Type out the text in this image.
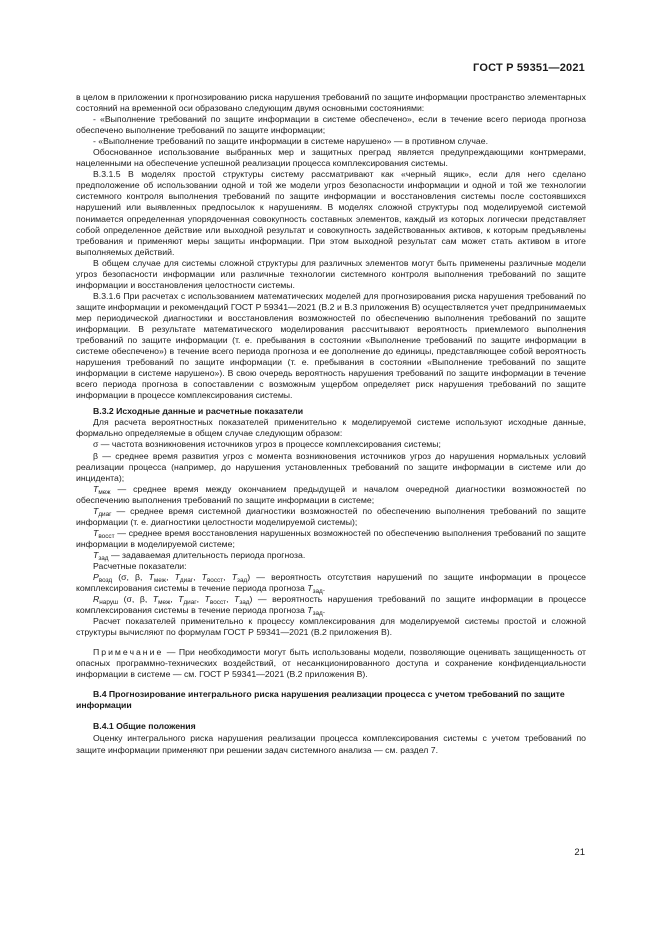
ГОСТ Р 59351—2021

в целом в приложении к прогнозированию риска нарушения требований по защите информации пространство элементарных состояний на временной оси образовано следующим двумя основными состояниями:

- «Выполнение требований по защите информации в системе обеспечено», если в течение всего периода прогноза обеспечено выполнение требований по защите информации;

- «Выполнение требований по защите информации в системе нарушено» — в противном случае.

Обоснованное использование выбранных мер и защитных преград является предупреждающими контрмерами, нацеленными на обеспечение успешной реализации процесса комплексирования системы.

В.3.1.5 В моделях простой структуры систему рассматривают как «черный ящик», если для него сделано предположение об использовании одной и той же модели угроз безопасности информации и одной и той же технологии системного контроля выполнения требований по защите информации и восстановления системы после состоявшихся нарушений или выявленных предпосылок к нарушениям. В моделях сложной структуры под моделируемой системой понимается определенная упорядоченная совокупность составных элементов, каждый из которых логически представляет собой определенное действие или выходной результат и совокупность задействованных активов, к которым предъявлены требования и применяют меры защиты информации. При этом выходной результат сам может стать активом в итоге выполняемых действий.

В общем случае для системы сложной структуры для различных элементов могут быть применены различные модели угроз безопасности информации или различные технологии системного контроля выполнения требований по защите информации и восстановления целостности системы.

В.3.1.6 При расчетах с использованием математических моделей для прогнозирования риска нарушения требований по защите информации и рекомендаций ГОСТ Р 59341—2021 (В.2 и В.3 приложения В) осуществляется учет предпринимаемых мер периодической диагностики и восстановления возможностей по обеспечению выполнения требований по защите информации. В результате математического моделирования рассчитывают вероятность приемлемого выполнения требований по защите информации (т. е. пребывания в состоянии «Выполнение требований по защите информации в системе обеспечено») в течение всего периода прогноза и ее дополнение до единицы, представляющее собой вероятность нарушения требований по защите информации (т. е. пребывания в состоянии «Выполнение требований по защите информации в системе нарушено»). В свою очередь вероятность нарушения требований по защите информации в течение всего периода прогноза в сопоставлении с возможным ущербом определяет риск нарушения требований по защите информации в процессе комплексирования системы.

В.3.2 Исходные данные и расчетные показатели

Для расчета вероятностных показателей применительно к моделируемой системе используют исходные данные, формально определяемые в общем случае следующим образом:

σ — частота возникновения источников угроз в процессе комплексирования системы;

β — среднее время развития угроз с момента возникновения источников угроз до нарушения нормальных условий реализации процесса (например, до нарушения установленных требований по защите информации в системе или до инцидента);

$T_{меж}$ — среднее время между окончанием предыдущей и началом очередной диагностики возможностей по обеспечению выполнения требований по защите информации в системе;

$T_{диаг}$ — среднее время системной диагностики возможностей по обеспечению выполнения требований по защите информации (т. е. диагностики целостности моделируемой системы);

$T_{восст}$ — среднее время восстановления нарушенных возможностей по обеспечению выполнения требований по защите информации в моделируемой системе;

$T_{зад}$ — задаваемая длительность периода прогноза.

Расчетные показатели:

$P_{возд}$ (σ, β, $T_{меж}$, $T_{диаг}$, $T_{восст}$, $T_{зад}$) — вероятность отсутствия нарушений по защите информации в процессе комплексирования системы в течение периода прогноза $T_{зад}$.

$R_{наруш}$ (σ, β, $T_{меж}$, $T_{диаг}$, $T_{восст}$, $T_{зад}$) — вероятность нарушения требований по защите информации в процессе комплексирования системы в течение периода прогноза $T_{зад}$.

Расчет показателей применительно к процессу комплексирования для моделируемой системы простой и сложной структуры вычисляют по формулам ГОСТ Р 59341—2021 (В.2 приложения В).

Примечание — При необходимости могут быть использованы модели, позволяющие оценивать защищенность от опасных программно-технических воздействий, от несанкционированного доступа и сохранение конфиденциальности информации в системе — см. ГОСТ Р 59341—2021 (В.2 приложения В).

В.4 Прогнозирование интегрального риска нарушения реализации процесса с учетом требований по защите информации

В.4.1 Общие положения

Оценку интегрального риска нарушения реализации процесса комплексирования системы с учетом требований по защите информации применяют при решении задач системного анализа — см. раздел 7.

21
